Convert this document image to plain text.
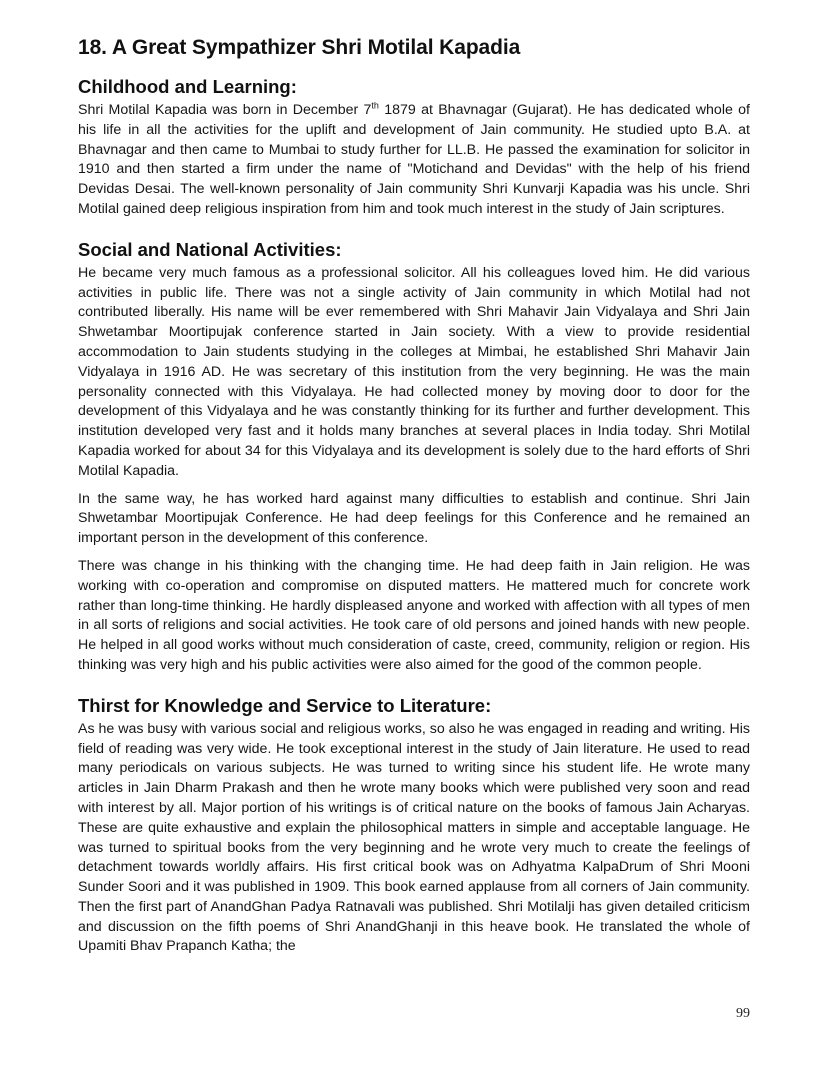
18. A Great Sympathizer Shri Motilal Kapadia
Childhood and Learning:

Shri Motilal Kapadia was born in December 7th 1879 at Bhavnagar (Gujarat). He has dedicated whole of his life in all the activities for the uplift and development of Jain community. He studied upto B.A. at Bhavnagar and then came to Mumbai to study further for LL.B. He passed the examination for solicitor in 1910 and then started a firm under the name of "Motichand and Devidas" with the help of his friend Devidas Desai. The well-known personality of Jain community Shri Kunvarji Kapadia was his uncle. Shri Motilal gained deep religious inspiration from him and took much interest in the study of Jain scriptures.

Social and National Activities:

He became very much famous as a professional solicitor. All his colleagues loved him. He did various activities in public life. There was not a single activity of Jain community in which Motilal had not contributed liberally. His name will be ever remembered with Shri Mahavir Jain Vidyalaya and Shri Jain Shwetambar Moortipujak conference started in Jain society. With a view to provide residential accommodation to Jain students studying in the colleges at Mimbai, he established Shri Mahavir Jain Vidyalaya in 1916 AD. He was secretary of this institution from the very beginning. He was the main personality connected with this Vidyalaya. He had collected money by moving door to door for the development of this Vidyalaya and he was constantly thinking for its further and further development. This institution developed very fast and it holds many branches at several places in India today. Shri Motilal Kapadia worked for about 34 for this Vidyalaya and its development is solely due to the hard efforts of Shri Motilal Kapadia.

In the same way, he has worked hard against many difficulties to establish and continue. Shri Jain Shwetambar Moortipujak Conference. He had deep feelings for this Conference and he remained an important person in the development of this conference.

There was change in his thinking with the changing time. He had deep faith in Jain religion. He was working with co-operation and compromise on disputed matters. He mattered much for concrete work rather than long-time thinking. He hardly displeased anyone and worked with affection with all types of men in all sorts of religions and social activities. He took care of old persons and joined hands with new people. He helped in all good works without much consideration of caste, creed, community, religion or region. His thinking was very high and his public activities were also aimed for the good of the common people.

Thirst for Knowledge and Service to Literature:

As he was busy with various social and religious works, so also he was engaged in reading and writing. His field of reading was very wide. He took exceptional interest in the study of Jain literature. He used to read many periodicals on various subjects. He was turned to writing since his student life. He wrote many articles in Jain Dharm Prakash and then he wrote many books which were published very soon and read with interest by all. Major portion of his writings is of critical nature on the books of famous Jain Acharyas. These are quite exhaustive and explain the philosophical matters in simple and acceptable language. He was turned to spiritual books from the very beginning and he wrote very much to create the feelings of detachment towards worldly affairs. His first critical book was on Adhyatma KalpaDrum of Shri Mooni Sunder Soori and it was published in 1909. This book earned applause from all corners of Jain community. Then the first part of AnandGhan Padya Ratnavali was published. Shri Motilalji has given detailed criticism and discussion on the fifth poems of Shri AnandGhanji in this heave book. He translated the whole of Upamiti Bhav Prapanch Katha; the

99
